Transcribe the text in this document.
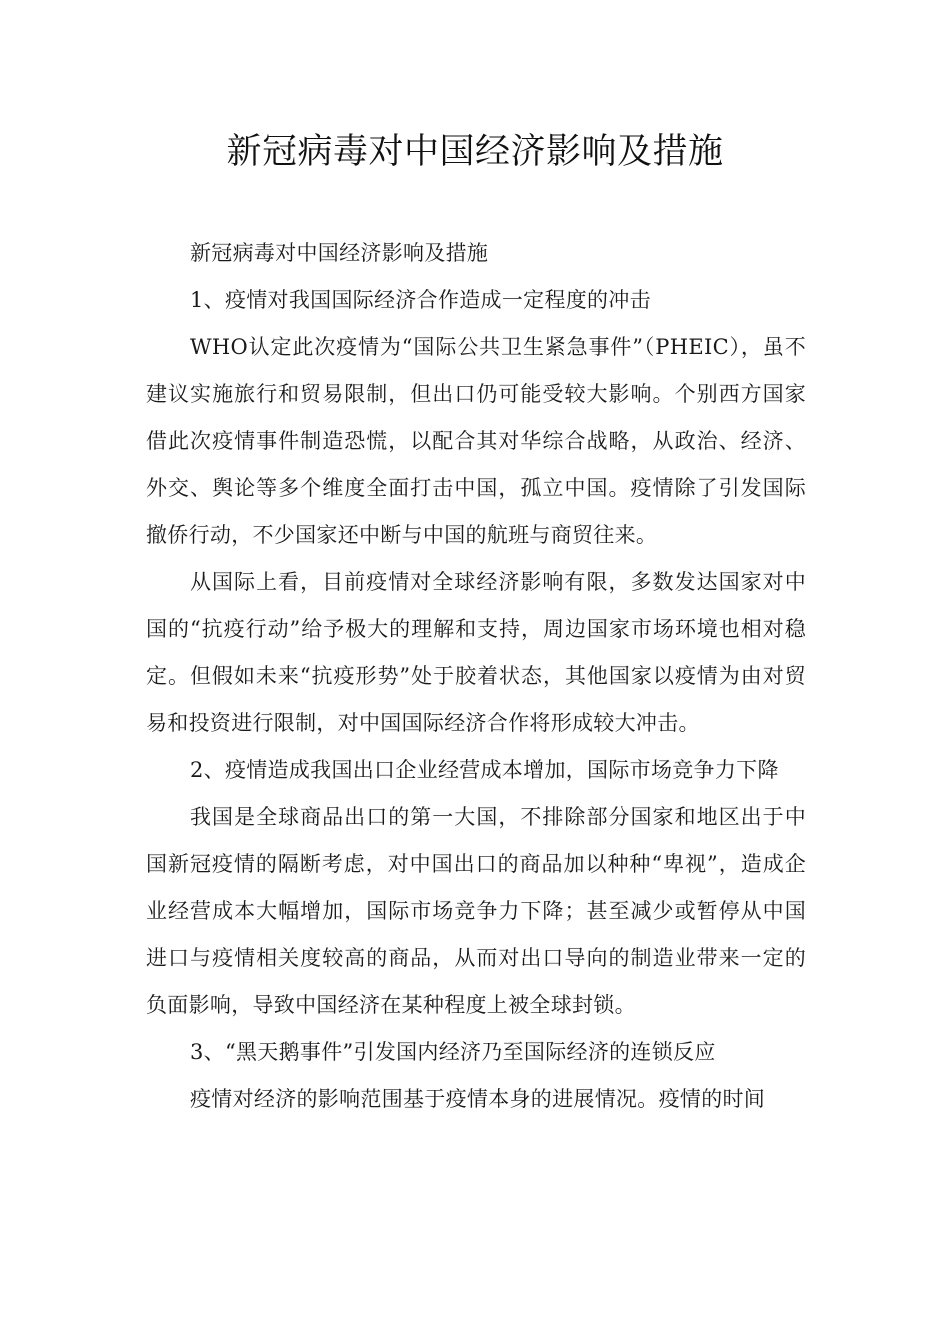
新冠病毒对中国经济影响及措施

新冠病毒对中国经济影响及措施

1、疫情对我国国际经济合作造成一定程度的冲击

WHO认定此次疫情为“国际公共卫生紧急事件”（PHEIC），虽不建议实施旅行和贸易限制，但出口仍可能受较大影响。个别西方国家借此次疫情事件制造恐慌，以配合其对华综合战略，从政治、经济、外交、舆论等多个维度全面打击中国，孤立中国。疫情除了引发国际撤侨行动，不少国家还中断与中国的航班与商贸往来。

从国际上看，目前疫情对全球经济影响有限，多数发达国家对中国的“抗疫行动”给予极大的理解和支持，周边国家市场环境也相对稳定。但假如未来“抗疫形势”处于胶着状态，其他国家以疫情为由对贸易和投资进行限制，对中国国际经济合作将形成较大冲击。

2、疫情造成我国出口企业经营成本增加，国际市场竞争力下降

我国是全球商品出口的第一大国，不排除部分国家和地区出于中国新冠疫情的隔断考虑，对中国出口的商品加以种种“卑视”，造成企业经营成本大幅增加，国际市场竞争力下降；甚至减少或暂停从中国进口与疫情相关度较高的商品，从而对出口导向的制造业带来一定的负面影响，导致中国经济在某种程度上被全球封锁。

3、“黑天鹅事件”引发国内经济乃至国际经济的连锁反应

疫情对经济的影响范围基于疫情本身的进展情况。疫情的时间
